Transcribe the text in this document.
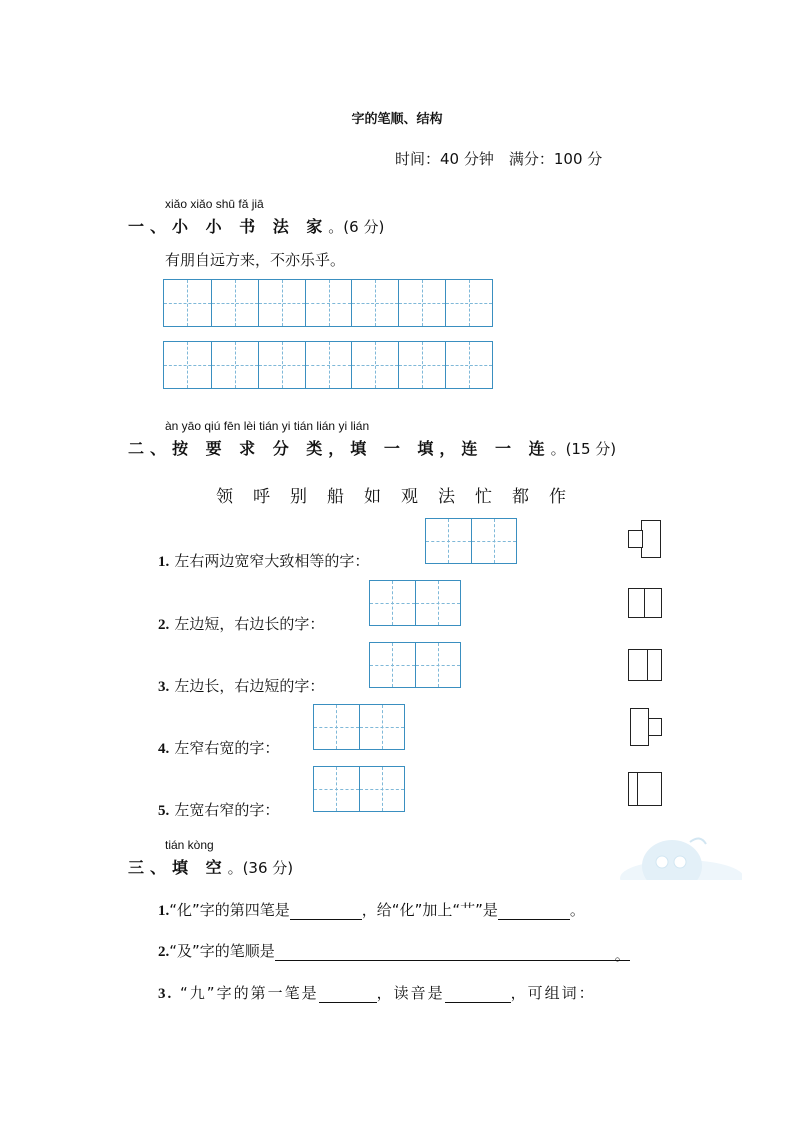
字的笔顺、结构
时间：40 分钟　满分：100 分
xiǎo xiǎo shū fǎ jiā
一、小 小 书 法 家。(6 分)
有朋自远方来，不亦乐乎。
àn yāo qiú fēn lèi tián yi tián lián yi lián
二、按 要 求 分 类，填 一 填，连 一 连。(15 分)
领 呼 别 船 如 观 法 忙 都 作
1. 左右两边宽窄大致相等的字：
2. 左边短，右边长的字：
3. 左边长，右边短的字：
4. 左窄右宽的字：
5. 左宽右窄的字：
tián kòng
三、填 空。(36 分)
1.“化”字的第四笔是	，给“化”加上“艹”是	。
2.“及”字的笔顺是	。
3. “九”字的第一笔是	，读音是	，可组词：
